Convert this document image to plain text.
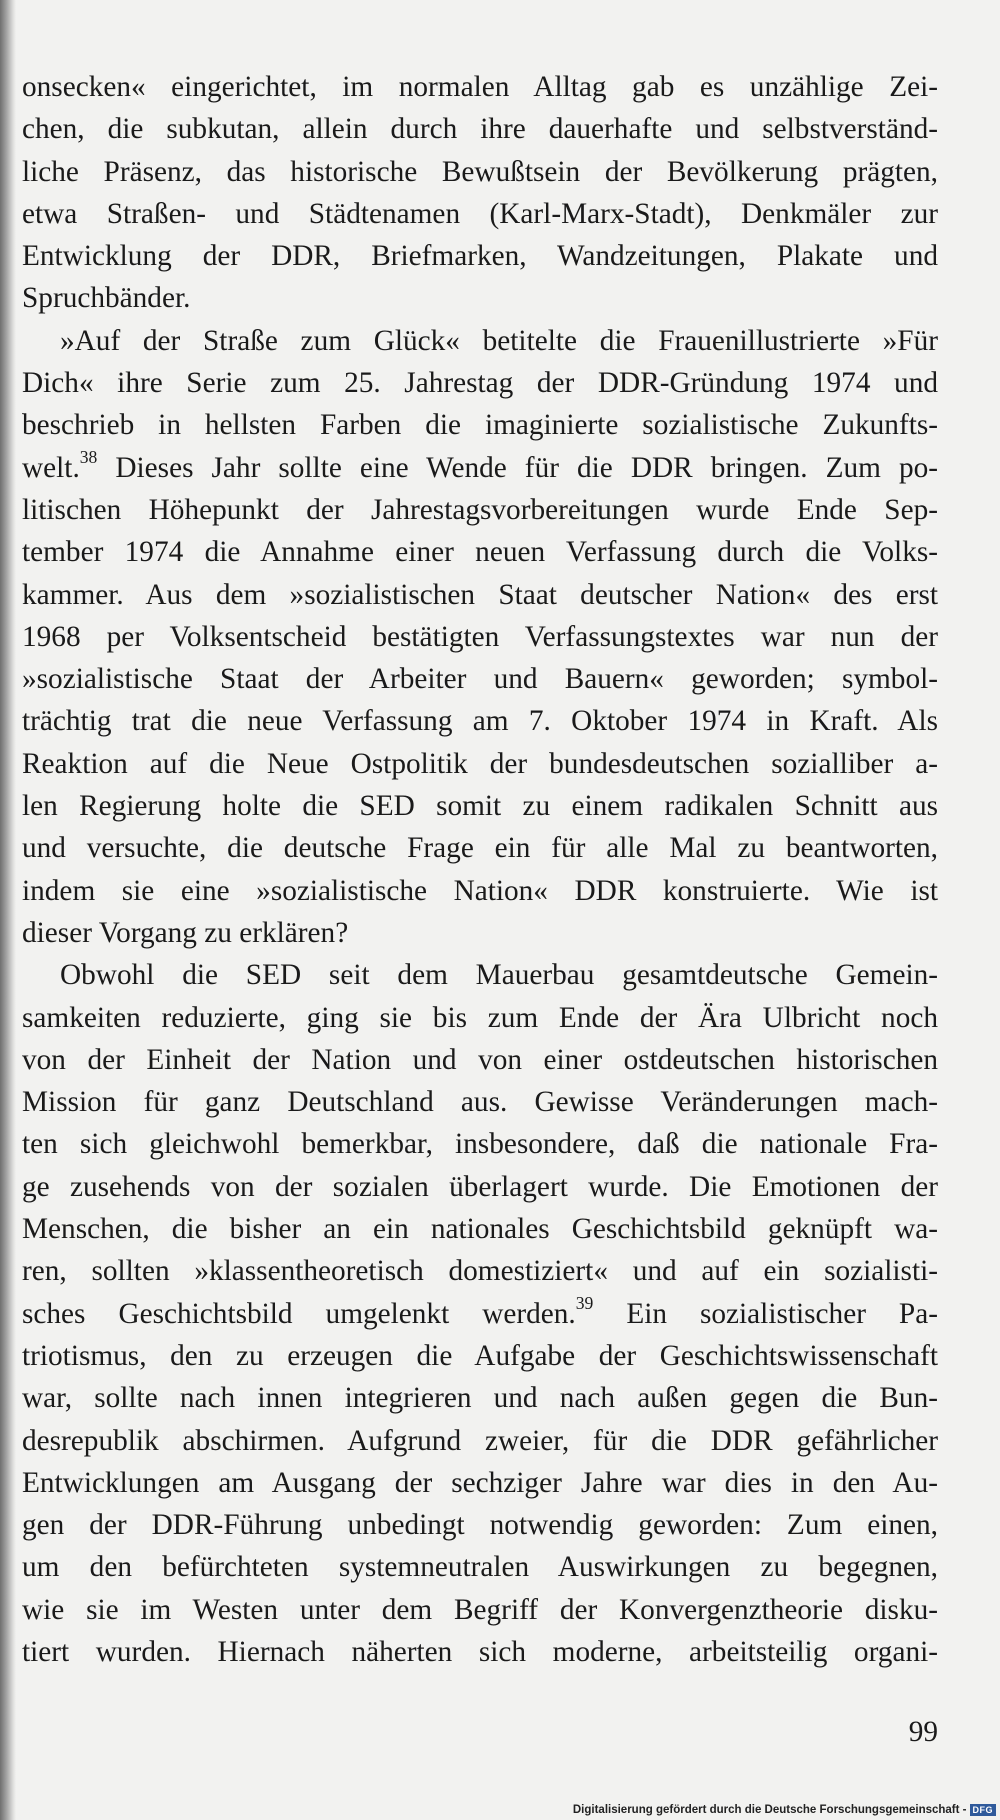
onsecken« eingerichtet, im normalen Alltag gab es unzählige Zei-
chen, die subkutan, allein durch ihre dauerhafte und selbstverständ-
liche Präsenz, das historische Bewußtsein der Bevölkerung prägten,
etwa Straßen- und Städtenamen (Karl-Marx-Stadt), Denkmäler zur
Entwicklung der DDR, Briefmarken, Wandzeitungen, Plakate und
Spruchbänder.
»Auf der Straße zum Glück« betitelte die Frauenillustrierte »Für
Dich« ihre Serie zum 25. Jahrestag der DDR-Gründung 1974 und
beschrieb in hellsten Farben die imaginierte sozialistische Zukunfts-
welt.$^{38}$ Dieses Jahr sollte eine Wende für die DDR bringen. Zum po-
litischen Höhepunkt der Jahrestagsvorbereitungen wurde Ende Sep-
tember 1974 die Annahme einer neuen Verfassung durch die Volks-
kammer. Aus dem »sozialistischen Staat deutscher Nation« des erst
1968 per Volksentscheid bestätigten Verfassungstextes war nun der
»sozialistische Staat der Arbeiter und Bauern« geworden; symbol-
trächtig trat die neue Verfassung am 7. Oktober 1974 in Kraft. Als
Reaktion auf die Neue Ostpolitik der bundesdeutschen sozialliber a-
len Regierung holte die SED somit zu einem radikalen Schnitt aus
und versuchte, die deutsche Frage ein für alle Mal zu beantworten,
indem sie eine »sozialistische Nation« DDR konstruierte. Wie ist
dieser Vorgang zu erklären?
Obwohl die SED seit dem Mauerbau gesamtdeutsche Gemein-
samkeiten reduzierte, ging sie bis zum Ende der Ära Ulbricht noch
von der Einheit der Nation und von einer ostdeutschen historischen
Mission für ganz Deutschland aus. Gewisse Veränderungen mach-
ten sich gleichwohl bemerkbar, insbesondere, daß die nationale Fra-
ge zusehends von der sozialen überlagert wurde. Die Emotionen der
Menschen, die bisher an ein nationales Geschichtsbild geknüpft wa-
ren, sollten »klassentheoretisch domestiziert« und auf ein sozialisti-
sches Geschichtsbild umgelenkt werden.$^{39}$ Ein sozialistischer Pa-
triotismus, den zu erzeugen die Aufgabe der Geschichtswissenschaft
war, sollte nach innen integrieren und nach außen gegen die Bun-
desrepublik abschirmen. Aufgrund zweier, für die DDR gefährlicher
Entwicklungen am Ausgang der sechziger Jahre war dies in den Au-
gen der DDR-Führung unbedingt notwendig geworden: Zum einen,
um den befürchteten systemneutralen Auswirkungen zu begegnen,
wie sie im Westen unter dem Begriff der Konvergenztheorie disku-
tiert wurden. Hiernach näherten sich moderne, arbeitsteilig organi-
99
Digitalisierung gefördert durch die Deutsche Forschungsgemeinschaft - DFG
